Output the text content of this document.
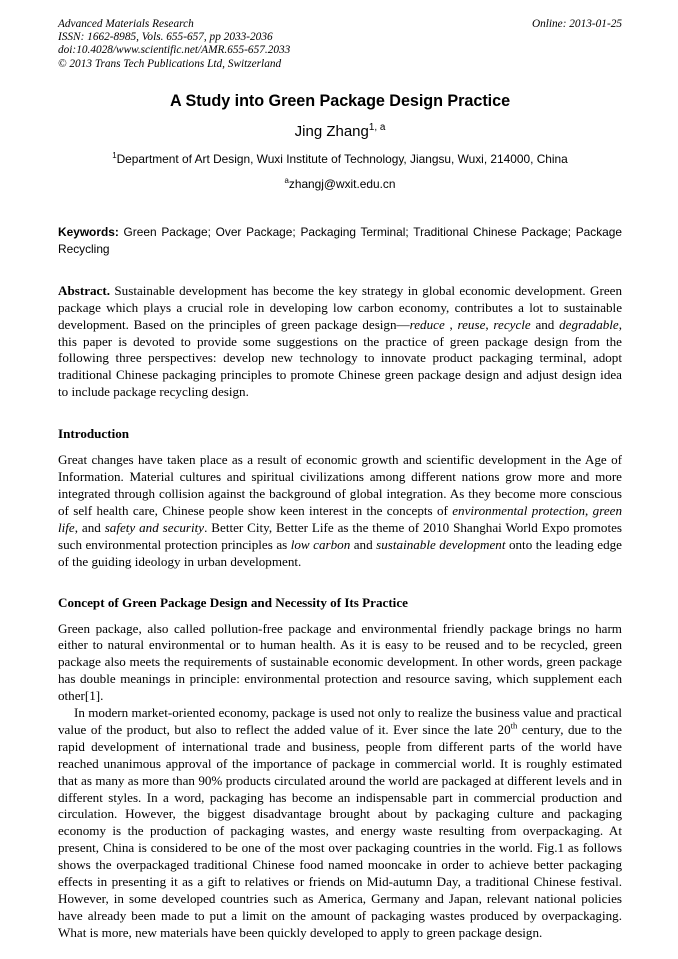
Advanced Materials Research
ISSN: 1662-8985, Vols. 655-657, pp 2033-2036
doi:10.4028/www.scientific.net/AMR.655-657.2033
© 2013 Trans Tech Publications Ltd, Switzerland
Online: 2013-01-25
A Study into Green Package Design Practice
Jing Zhang$^{1, a}$
$^1$Department of Art Design, Wuxi Institute of Technology, Jiangsu, Wuxi, 214000, China
$^a$zhangj@wxit.edu.cn
Keywords: Green Package; Over Package; Packaging Terminal; Traditional Chinese Package; Package Recycling
Abstract. Sustainable development has become the key strategy in global economic development. Green package which plays a crucial role in developing low carbon economy, contributes a lot to sustainable development. Based on the principles of green package design—reduce , reuse, recycle and degradable, this paper is devoted to provide some suggestions on the practice of green package design from the following three perspectives: develop new technology to innovate product packaging terminal, adopt traditional Chinese packaging principles to promote Chinese green package design and adjust design idea to include package recycling design.
Introduction

Great changes have taken place as a result of economic growth and scientific development in the Age of Information. Material cultures and spiritual civilizations among different nations grow more and more integrated through collision against the background of global integration. As they become more conscious of self health care, Chinese people show keen interest in the concepts of environmental protection, green life, and safety and security. Better City, Better Life as the theme of 2010 Shanghai World Expo promotes such environmental protection principles as low carbon and sustainable development onto the leading edge of the guiding ideology in urban development.

Concept of Green Package Design and Necessity of Its Practice

Green package, also called pollution-free package and environmental friendly package brings no harm either to natural environmental or to human health. As it is easy to be reused and to be recycled, green package also meets the requirements of sustainable economic development. In other words, green package has double meanings in principle: environmental protection and resource saving, which supplement each other[1].

In modern market-oriented economy, package is used not only to realize the business value and practical value of the product, but also to reflect the added value of it. Ever since the late 20th century, due to the rapid development of international trade and business, people from different parts of the world have reached unanimous approval of the importance of package in commercial world. It is roughly estimated that as many as more than 90% products circulated around the world are packaged at different levels and in different styles. In a word, packaging has become an indispensable part in commercial production and circulation. However, the biggest disadvantage brought about by packaging culture and packaging economy is the production of packaging wastes, and energy waste resulting from overpackaging. At present, China is considered to be one of the most over packaging countries in the world. Fig.1 as follows shows the overpackaged traditional Chinese food named mooncake in order to achieve better packaging effects in presenting it as a gift to relatives or friends on Mid-autumn Day, a traditional Chinese festival. However, in some developed countries such as America, Germany and Japan, relevant national policies have already been made to put a limit on the amount of packaging wastes produced by overpackaging. What is more, new materials have been quickly developed to apply to green package design.
